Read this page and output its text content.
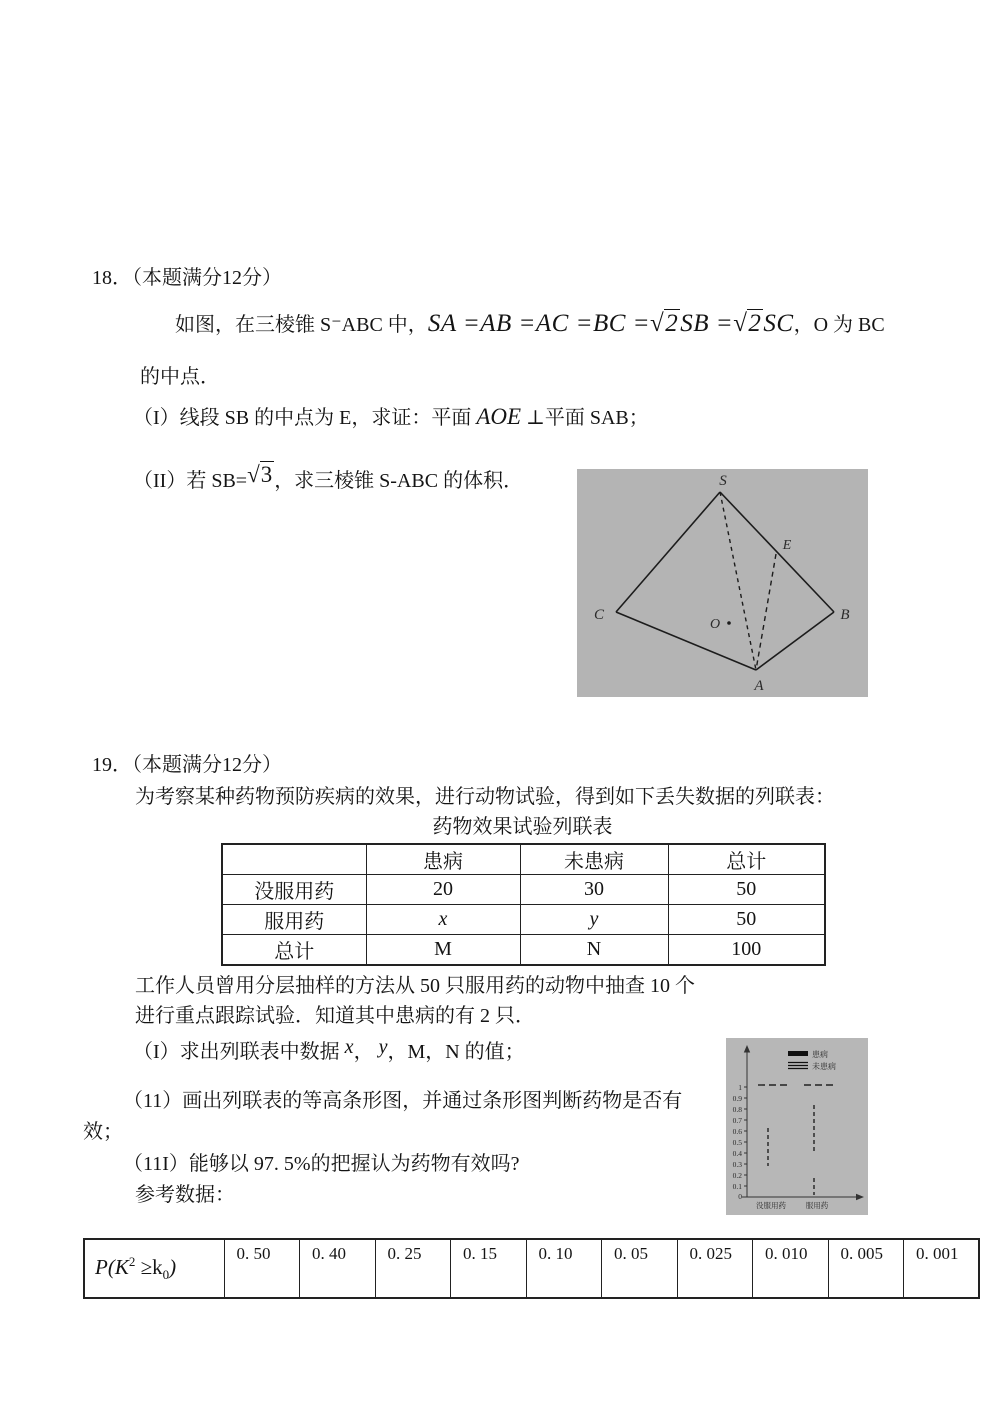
18．（本题满分12分）
如图，在三棱锥 S⁻ABC 中，SA =AB =AC =BC =√2SB =√2SC，O 为 BC
的中点．
（I）线段 SB 的中点为 E，求证：平面 AOE ⊥平面 SAB；
（II）若 SB=√3 ，求三棱锥 S-ABC 的体积．	S
C	B
A
E
O
19．（本题满分12分）
为考察某种药物预防疾病的效果，进行动物试验，得到如下丢失数据的列联表：
药物效果试验列联表
	患病	未患病	总计
没服用药	20	30	50
服用药	x	y	50
总计	M	N	100
工作人员曾用分层抽样的方法从 50 只服用药的动物中抽查 10 个
进行重点跟踪试验．知道其中患病的有 2 只．
（I）求出列联表中数据 x， y，M，N 的值；
（11）画出列联表的等高条形图，并通过条形图判断药物是否有
效；
（11I）能够以 97. 5%的把握认为药物有效吗?
参考数据：
1
0.9
0.8
0.7
0.6
0.5
0.4
0.3
0.2
0.1
0
患病
未患病
没服用药	服用药
$P(K^2 \ge k_0)$	0. 50	0. 40	0. 25	0. 15	0. 10	0. 05	0. 025	0. 010	0. 005	0. 001
